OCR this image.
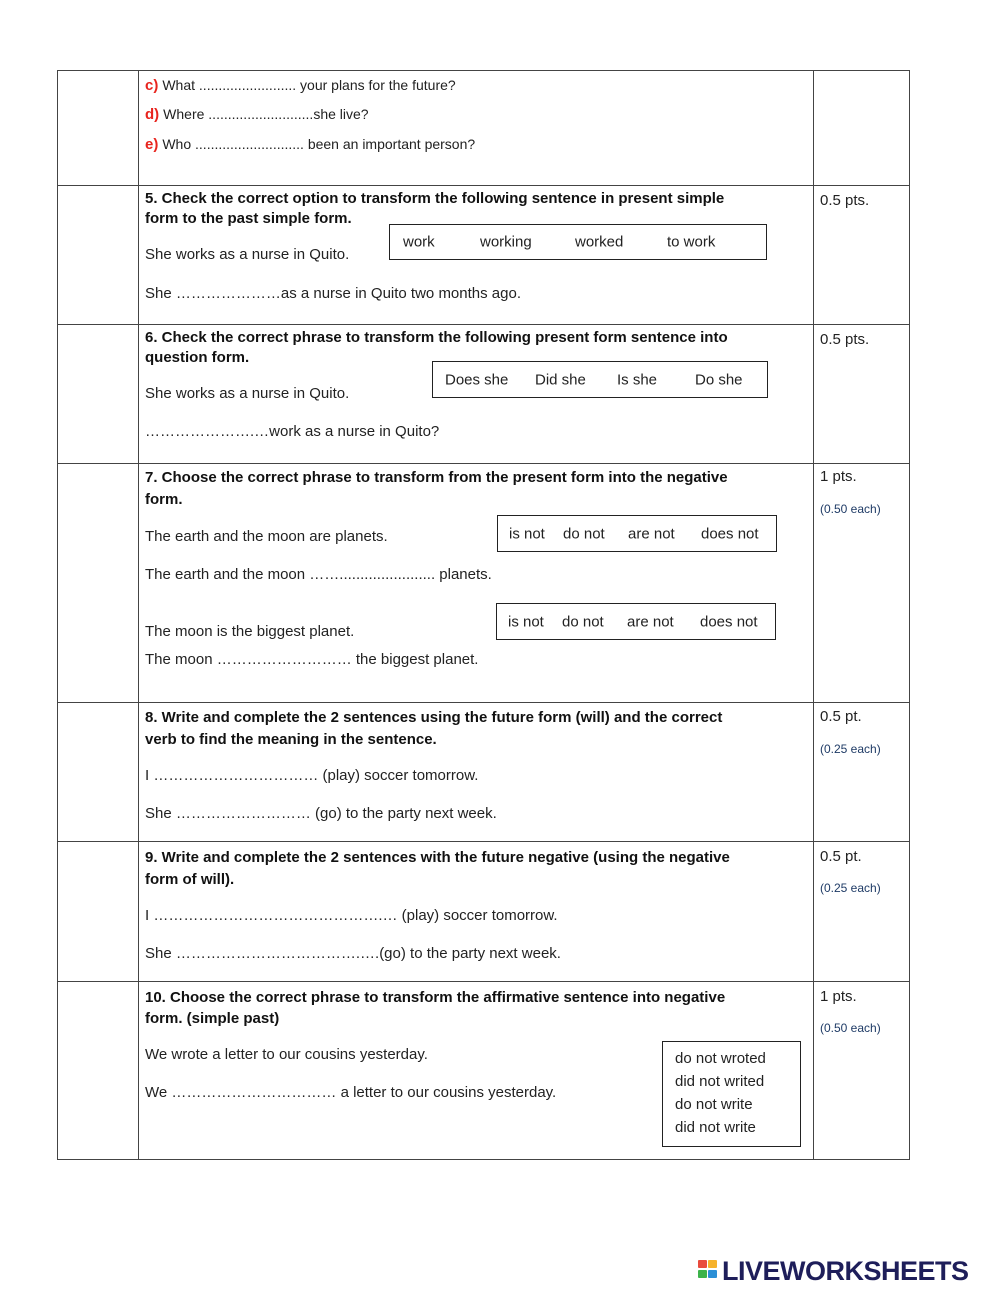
c) What ......................... your plans for the future?
d) Where ...........................she live?
e) Who ............................ been an important person?
5. Check the correct option to transform the following sentence in present simple
form to the past simple form.
She works as a nurse in Quito.
She …………………as a nurse in Quito two months ago.
0.5 pts.
work	working	worked	to work
6. Check the correct phrase to transform the following present form sentence into
question form.
She works as a nurse in Quito.
………………….…work as a nurse in Quito?
0.5 pts.
Does she Did she Is she	Do she
7. Choose the correct phrase to transform from the present form into the negative
form.
The earth and the moon are planets.
The earth and the moon ……....................... planets.
The moon is the biggest planet.
The moon ……………………… the biggest planet.
1 pts.
(0.50 each)
is not do not are not does not
is not do not are not does not
8. Write and complete the 2 sentences using the future form (will) and the correct
verb to find the meaning in the sentence.
I …………………………… (play) soccer tomorrow.
She ……………………… (go) to the party next week.
0.5 pt.
(0.25 each)
9. Write and complete the 2 sentences with the future negative (using the negative
form of will).
I ……………………………………….… (play) soccer tomorrow.
She ……………………………….….(go) to the party next week.
0.5 pt.
(0.25 each)
10. Choose the correct phrase to transform the affirmative sentence into negative
form. (simple past)
We wrote a letter to our cousins yesterday.
We …………………………… a letter to our cousins yesterday.
1 pts.
(0.50 each)
do not wroted
did not writed
do not write
did not write
LIVEWORKSHEETS
